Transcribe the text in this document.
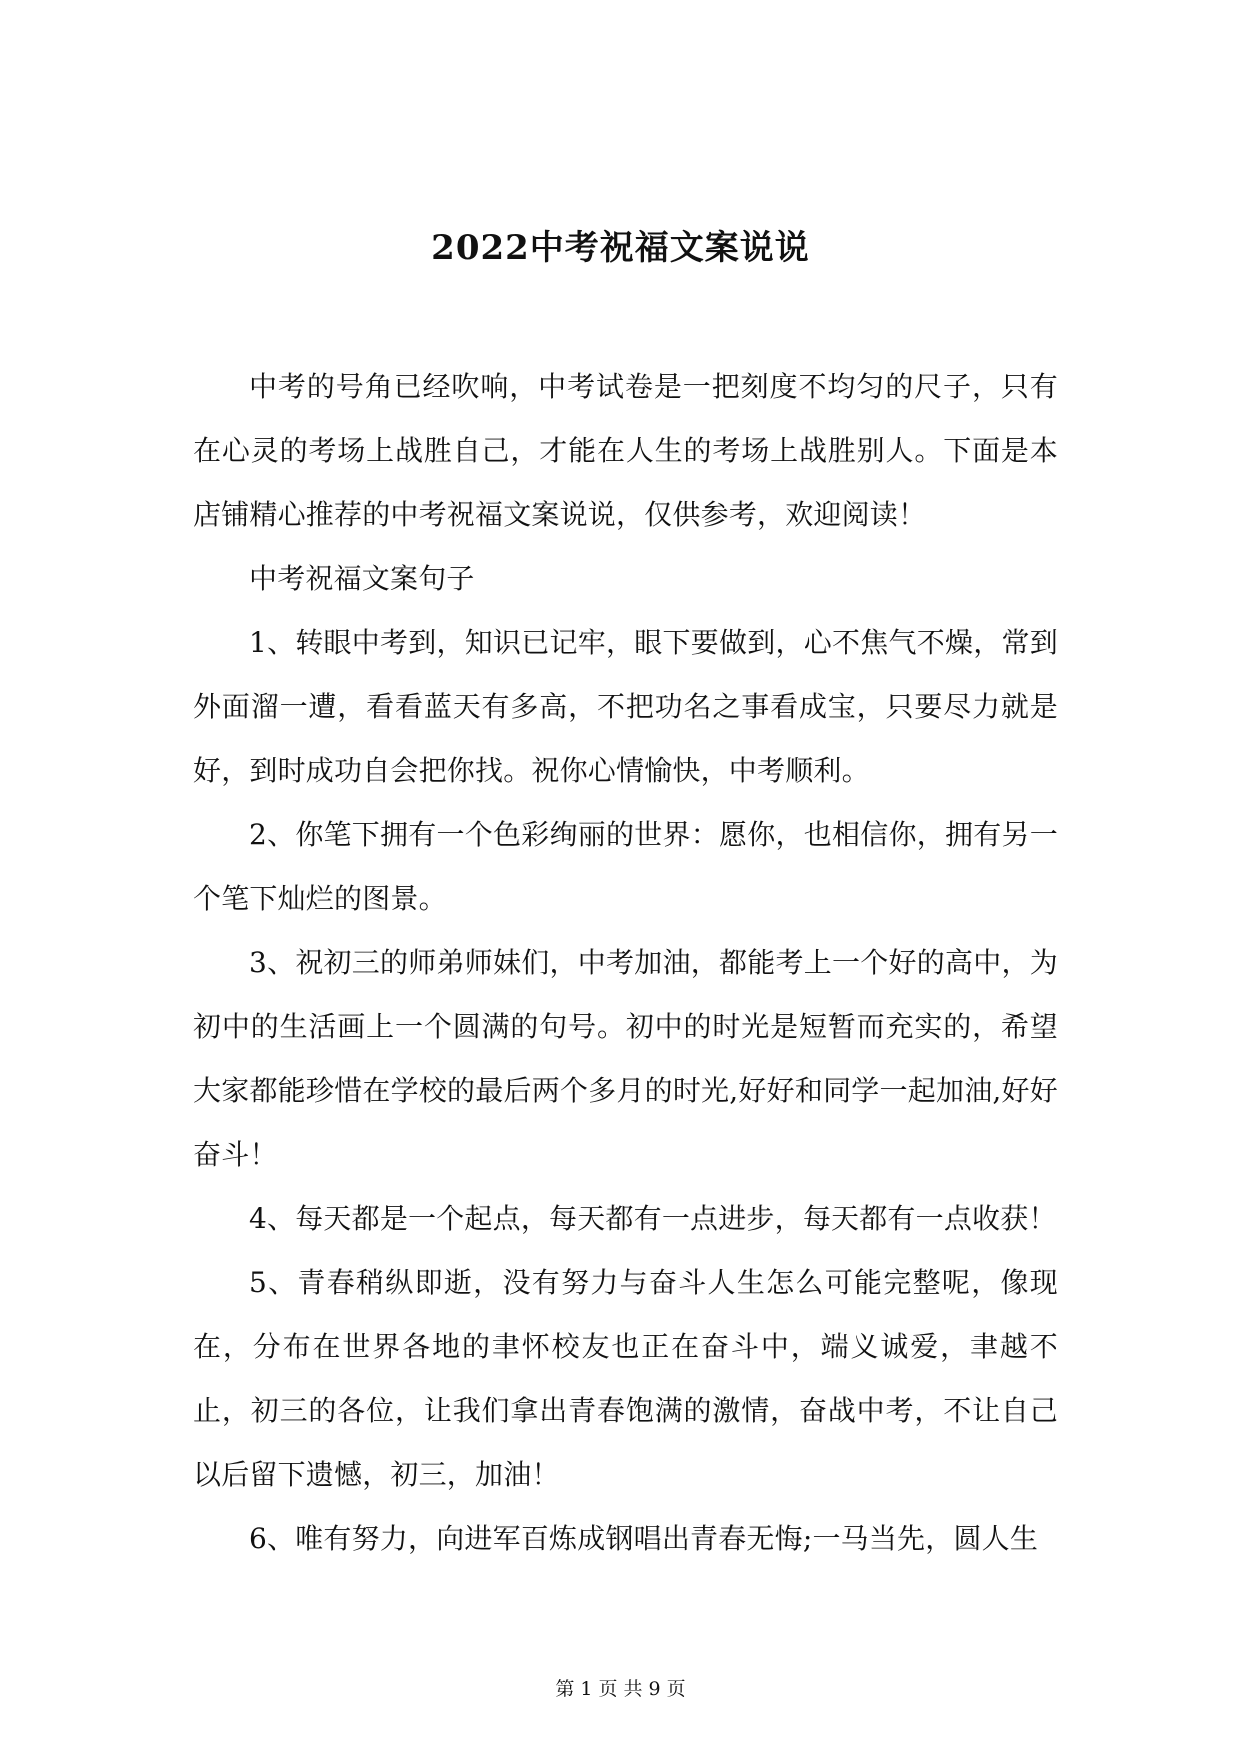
2022中考祝福文案说说

中考的号角已经吹响，中考试卷是一把刻度不均匀的尺子，只有在心灵的考场上战胜自己，才能在人生的考场上战胜别人。下面是本店铺精心推荐的中考祝福文案说说，仅供参考，欢迎阅读！

中考祝福文案句子

1、转眼中考到，知识已记牢，眼下要做到，心不焦气不燥，常到外面溜一遭，看看蓝天有多高，不把功名之事看成宝，只要尽力就是好，到时成功自会把你找。祝你心情愉快，中考顺利。

2、你笔下拥有一个色彩绚丽的世界：愿你，也相信你，拥有另一个笔下灿烂的图景。

3、祝初三的师弟师妹们，中考加油，都能考上一个好的高中，为初中的生活画上一个圆满的句号。初中的时光是短暂而充实的，希望大家都能珍惜在学校的最后两个多月的时光,好好和同学一起加油,好好奋斗！

4、每天都是一个起点，每天都有一点进步，每天都有一点收获！

5、青春稍纵即逝，没有努力与奋斗人生怎么可能完整呢，像现在，分布在世界各地的聿怀校友也正在奋斗中，端义诚爱，聿越不止，初三的各位，让我们拿出青春饱满的激情，奋战中考，不让自己以后留下遗憾，初三，加油！

6、唯有努力，向进军百炼成钢唱出青春无悔;一马当先，圆人生

第 1 页 共 9 页
